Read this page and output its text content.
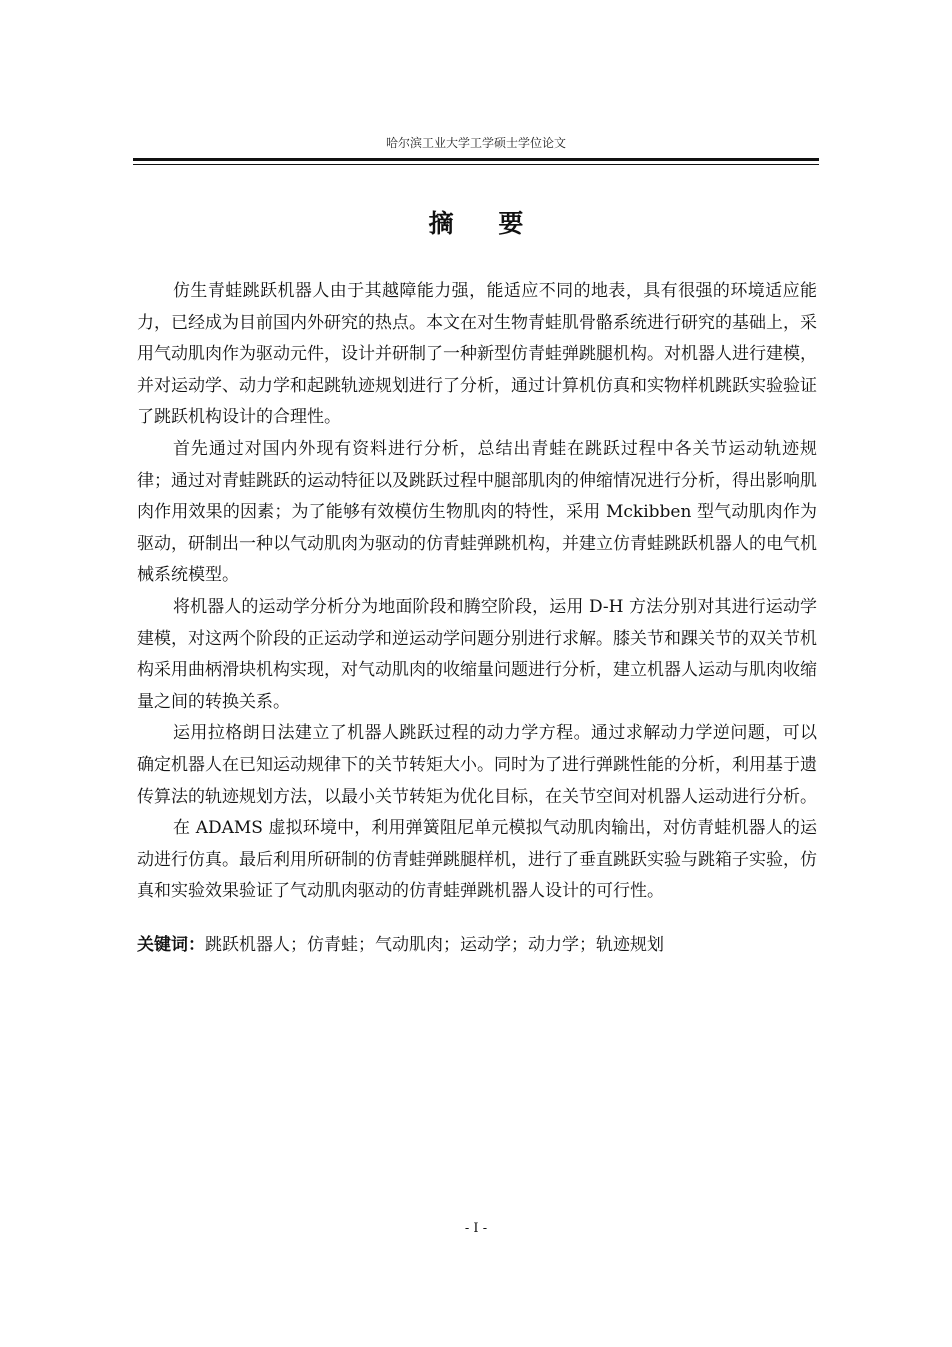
哈尔滨工业大学工学硕士学位论文
摘 要

仿生青蛙跳跃机器人由于其越障能力强，能适应不同的地表，具有很强的环境适应能力，已经成为目前国内外研究的热点。本文在对生物青蛙肌骨骼系统进行研究的基础上，采用气动肌肉作为驱动元件，设计并研制了一种新型仿青蛙弹跳腿机构。对机器人进行建模，并对运动学、动力学和起跳轨迹规划进行了分析，通过计算机仿真和实物样机跳跃实验验证了跳跃机构设计的合理性。

首先通过对国内外现有资料进行分析，总结出青蛙在跳跃过程中各关节运动轨迹规律；通过对青蛙跳跃的运动特征以及跳跃过程中腿部肌肉的伸缩情况进行分析，得出影响肌肉作用效果的因素；为了能够有效模仿生物肌肉的特性，采用 Mckibben 型气动肌肉作为驱动，研制出一种以气动肌肉为驱动的仿青蛙弹跳机构，并建立仿青蛙跳跃机器人的电气机械系统模型。

将机器人的运动学分析分为地面阶段和腾空阶段，运用 D-H 方法分别对其进行运动学建模，对这两个阶段的正运动学和逆运动学问题分别进行求解。膝关节和踝关节的双关节机构采用曲柄滑块机构实现，对气动肌肉的收缩量问题进行分析，建立机器人运动与肌肉收缩量之间的转换关系。

运用拉格朗日法建立了机器人跳跃过程的动力学方程。通过求解动力学逆问题，可以确定机器人在已知运动规律下的关节转矩大小。同时为了进行弹跳性能的分析，利用基于遗传算法的轨迹规划方法，以最小关节转矩为优化目标，在关节空间对机器人运动进行分析。

在 ADAMS 虚拟环境中，利用弹簧阻尼单元模拟气动肌肉输出，对仿青蛙机器人的运动进行仿真。最后利用所研制的仿青蛙弹跳腿样机，进行了垂直跳跃实验与跳箱子实验，仿真和实验效果验证了气动肌肉驱动的仿青蛙弹跳机器人设计的可行性。

关键词：跳跃机器人；仿青蛙；气动肌肉；运动学；动力学；轨迹规划
- I -
